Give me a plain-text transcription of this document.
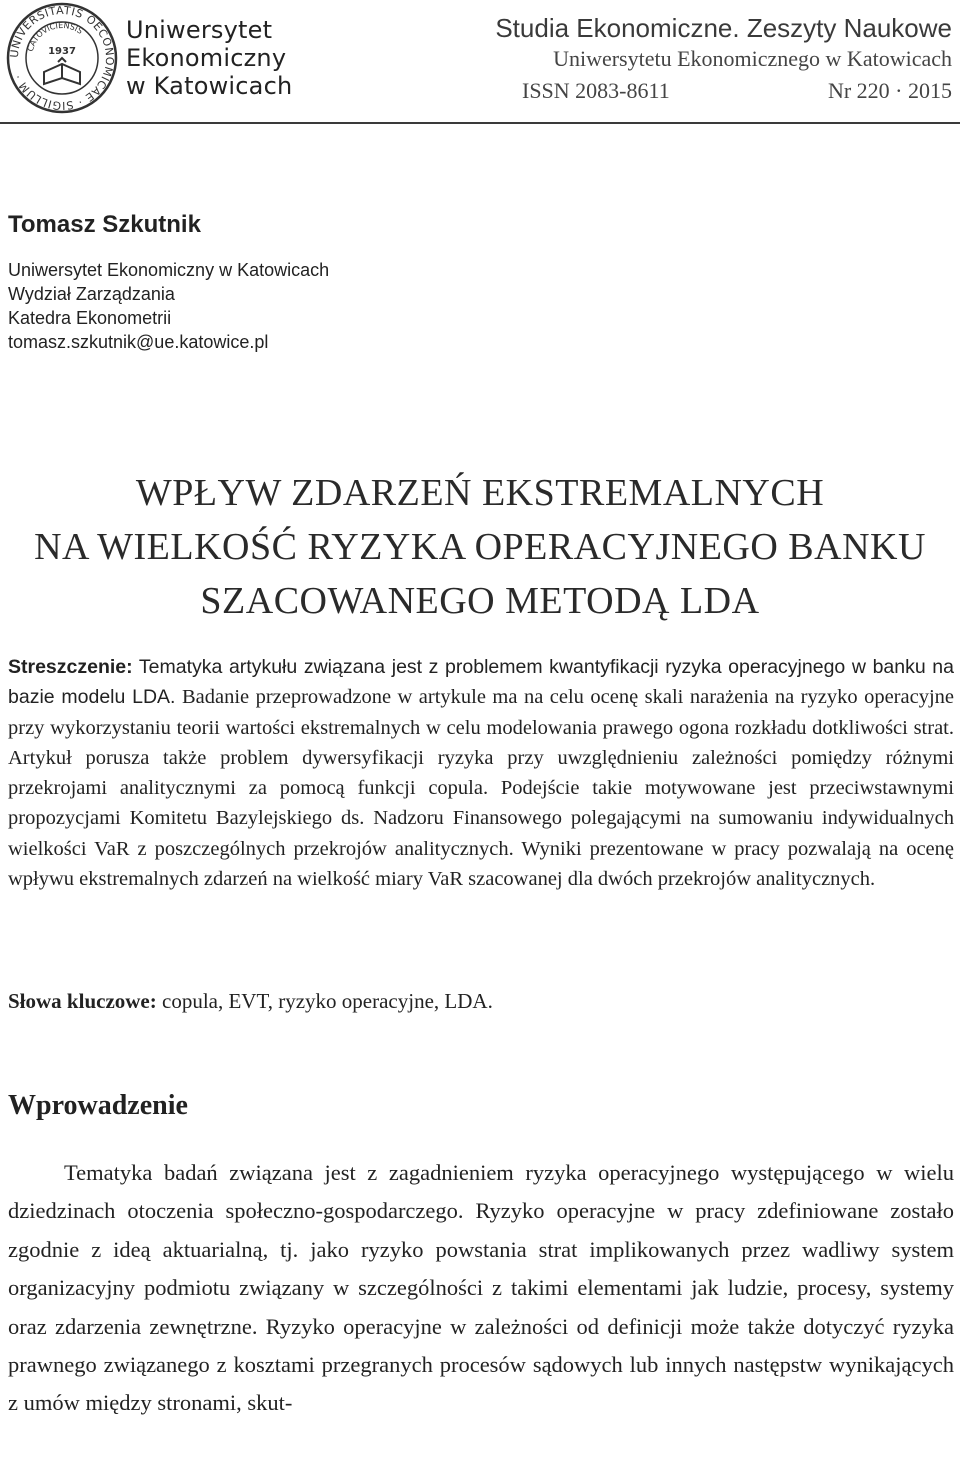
UNIVERSITATIS OECONOMICAE · SIGILLUM ·
CATOVICIENSIS
1937
Uniwersytet
Ekonomiczny
w Katowicach
Studia Ekonomiczne. Zeszyty Naukowe
Uniwersytetu Ekonomicznego w Katowicach
ISSN 2083-8611	Nr 220 · 2015
Tomasz Szkutnik
Uniwersytet Ekonomiczny w Katowicach
Wydział Zarządzania
Katedra Ekonometrii
tomasz.szkutnik@ue.katowice.pl
WPŁYW ZDARZEŃ EKSTREMALNYCH
NA WIELKOŚĆ RYZYKA OPERACYJNEGO BANKU
SZACOWANEGO METODĄ LDA
Streszczenie: Tematyka artykułu związana jest z problemem kwantyfikacji ryzyka operacyjnego w banku na bazie modelu LDA. Badanie przeprowadzone w artykule ma na celu ocenę skali narażenia na ryzyko operacyjne przy wykorzystaniu teorii wartości ekstremalnych w celu modelowania prawego ogona rozkładu dotkliwości strat. Artykuł porusza także problem dywersyfikacji ryzyka przy uwzględnieniu zależności pomiędzy różnymi przekrojami analitycznymi za pomocą funkcji copula. Podejście takie motywowane jest przeciwstawnymi propozycjami Komitetu Bazylejskiego ds. Nadzoru Finansowego polegającymi na sumowaniu indywidualnych wielkości VaR z poszczególnych przekrojów analitycznych. Wyniki prezentowane w pracy pozwalają na ocenę wpływu ekstremalnych zdarzeń na wielkość miary VaR szacowanej dla dwóch przekrojów analitycznych.
Słowa kluczowe: copula, EVT, ryzyko operacyjne, LDA.
Wprowadzenie
Tematyka badań związana jest z zagadnieniem ryzyka operacyjnego występującego w wielu dziedzinach otoczenia społeczno-gospodarczego. Ryzyko operacyjne w pracy zdefiniowane zostało zgodnie z ideą aktuarialną, tj. jako ryzyko powstania strat implikowanych przez wadliwy system organizacyjny podmiotu związany w szczególności z takimi elementami jak ludzie, procesy, systemy oraz zdarzenia zewnętrzne. Ryzyko operacyjne w zależności od definicji może także dotyczyć ryzyka prawnego związanego z kosztami przegranych procesów sądowych lub innych następstw wynikających z umów między stronami, skut-
